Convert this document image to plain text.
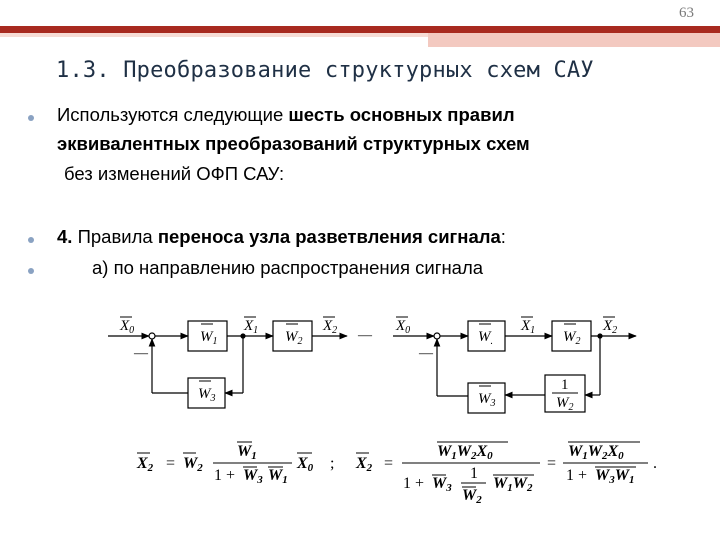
63
1.3. Преобразование структурных схем САУ
Используются следующие шесть основных правил
эквивалентных преобразований структурных схем
без изменений ОФП САУ:
4. Правила переноса узла разветвления сигнала:
а) по направлению распространения сигнала
$X_0$	$X_1$	$X_2$
$W_1$	$W_2$
$W_3$
—
—
$X_0$	$X_1$	$X_2$
$W_.$	$W_2$
$W_3$
1
$W_2$
—
X2 = W2
W1
1 + W3 W1
X0 ; X2 =
W1W2X0
1 + W3
1
W2
W1W2
=
W1W2X0
1 + W3W1
.
